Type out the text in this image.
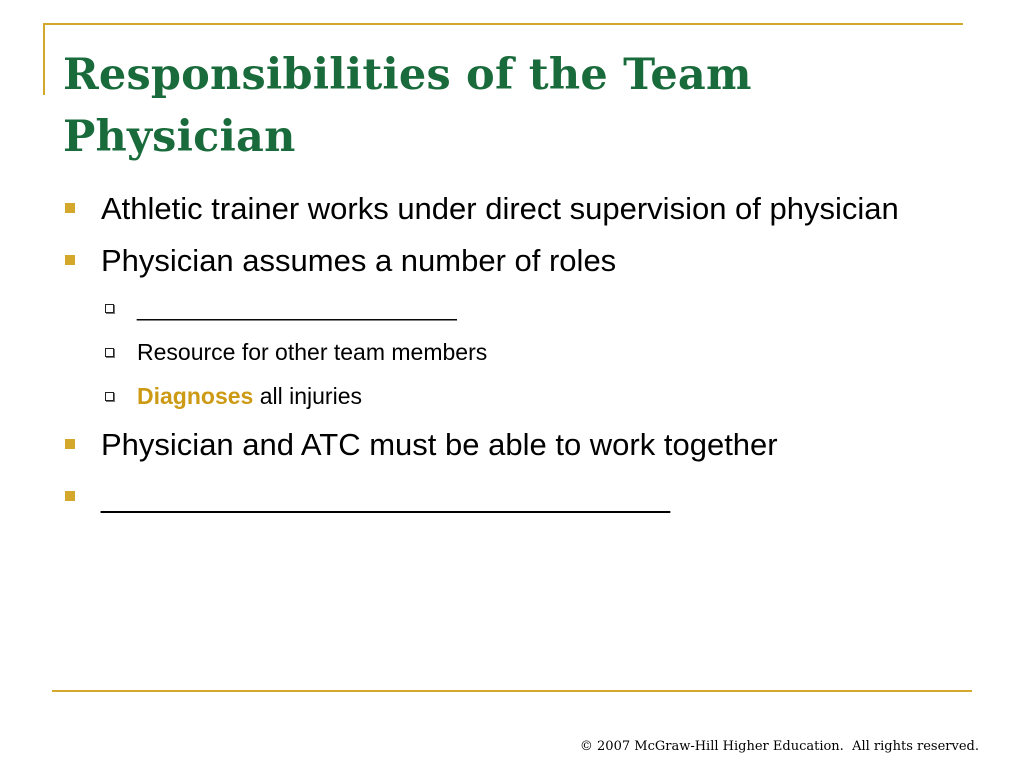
Responsibilities of the Team Physician
Athletic trainer works under direct supervision of physician
Physician assumes a number of roles
_________________________
Resource for other team members
Diagnoses all injuries
Physician and ATC must be able to work together
_________________________________
© 2007 McGraw-Hill Higher Education.  All rights reserved.
